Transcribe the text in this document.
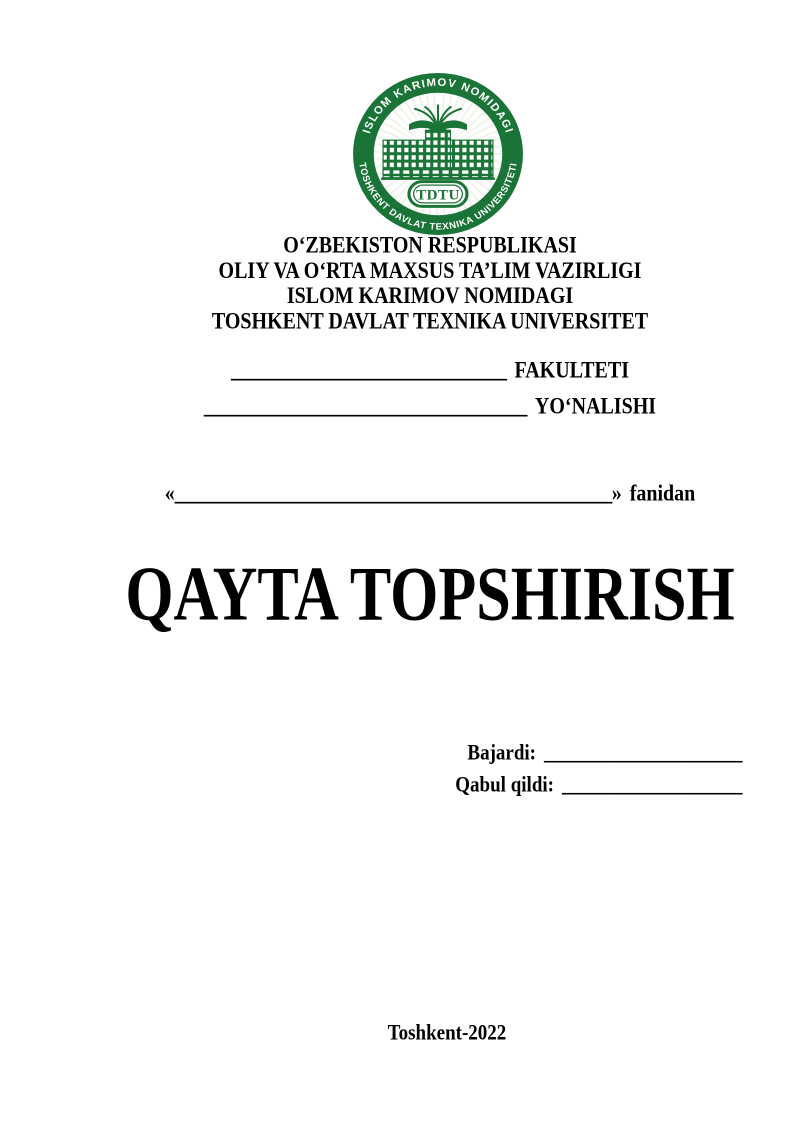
ISLOM KARIMOV NOMIDAGI
TOSHKENT DAVLAT TEXNIKA UNIVERSITETI
TDTU
O‘ZBEKISTON RESPUBLIKASI
OLIY VA O‘RTA MAXSUS TA’LIM VAZIRLIGI
ISLOM KARIMOV NOMIDAGI
TOSHKENT DAVLAT TEXNIKA UNIVERSITET
_____________________________ FAKULTETI
__________________________________ YO‘NALISHI
«______________________________________________» fanidan
QAYTA TOPSHIRISH
Bajardi: ______________________
Qabul qildi: ____________________
Toshkent-2022
